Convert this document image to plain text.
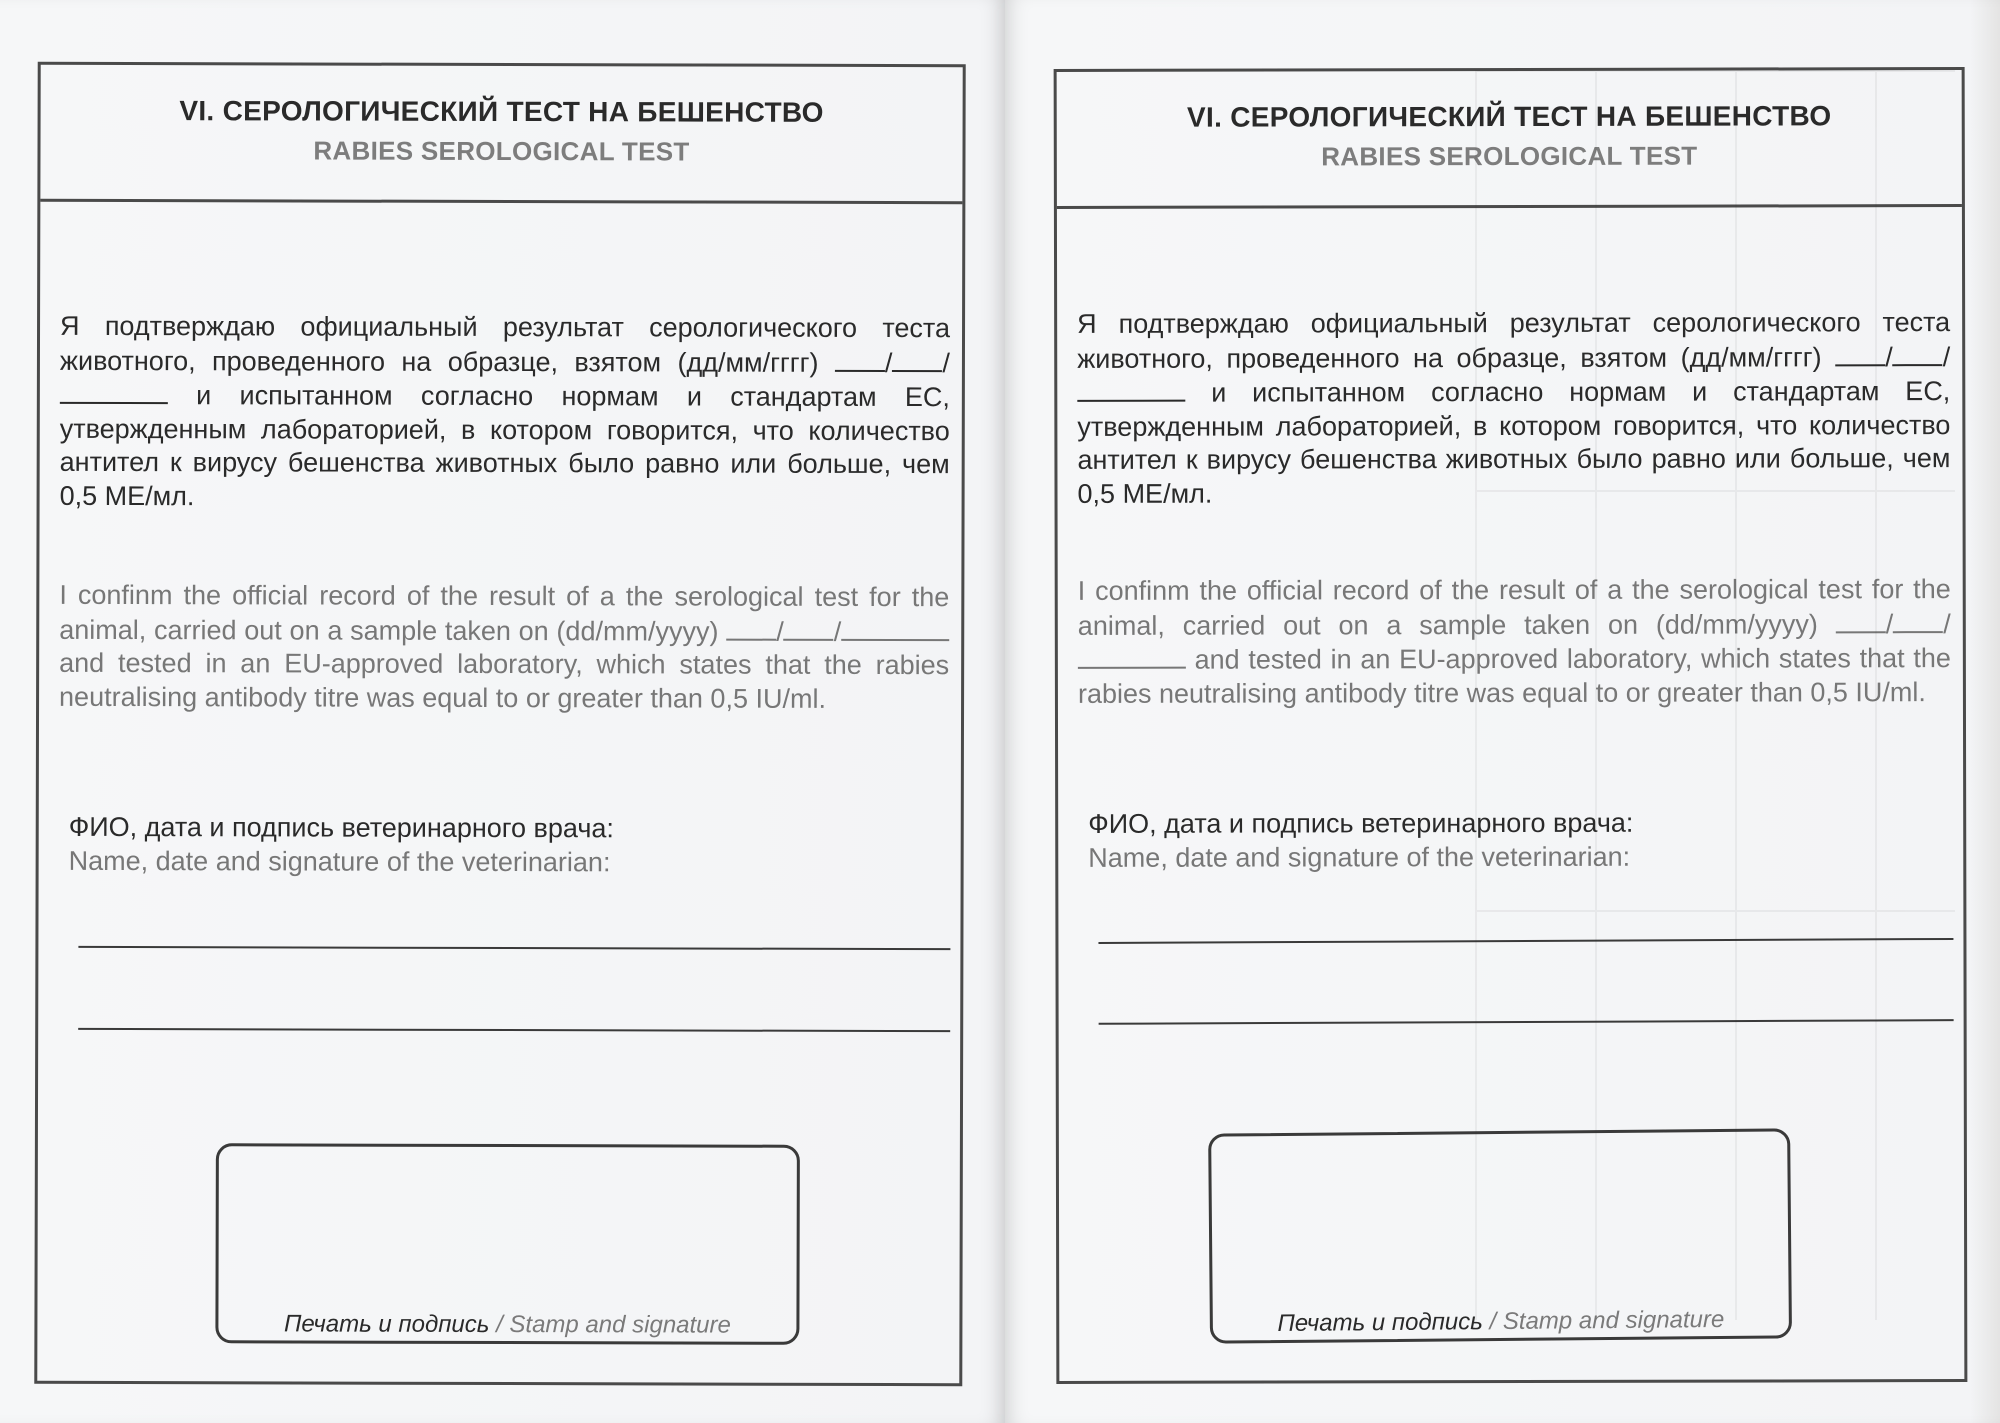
VI. СЕРОЛОГИЧЕСКИЙ ТЕСТ НА БЕШЕНСТВО
RABIES SEROLOGICAL TEST
Я подтверждаю официальный результат серологического теста животного, проведенного на образце, взятом (дд/мм/гггг) / / и испытанном согласно нормам и стандартам ЕС, утвержденным лабораторией, в котором говорится, что количество антител к вирусу бешенства животных было равно или больше, чем 0,5 МЕ/мл.
I confinm the official record of the result of a the serological test for the animal, carried out on a sample taken on (dd/mm/yyyy) / / and tested in an EU-approved laboratory, which states that the rabies neutralising antibody titre was equal to or greater than 0,5 IU/ml.
ФИО, дата и подпись ветеринарного врача:
Name, date and signature of the veterinarian:
Печать и подпись / Stamp and signature
VI. СЕРОЛОГИЧЕСКИЙ ТЕСТ НА БЕШЕНСТВО
RABIES SEROLOGICAL TEST
Я подтверждаю официальный результат серологического теста животного, проведенного на образце, взятом (дд/мм/гггг) / / и испытанном согласно нормам и стандартам ЕС, утвержденным лабораторией, в котором говорится, что количество антител к вирусу бешенства животных было равно или больше, чем 0,5 МЕ/мл.
I confinm the official record of the result of a the serological test for the animal, carried out on a sample taken on (dd/mm/yyyy)	/ / and tested in an EU-approved laboratory, which states that the rabies neutralising antibody titre was equal to or greater than 0,5 IU/ml.
ФИО, дата и подпись ветеринарного врача:
Name, date and signature of the veterinarian:
Печать и подпись / Stamp and signature
